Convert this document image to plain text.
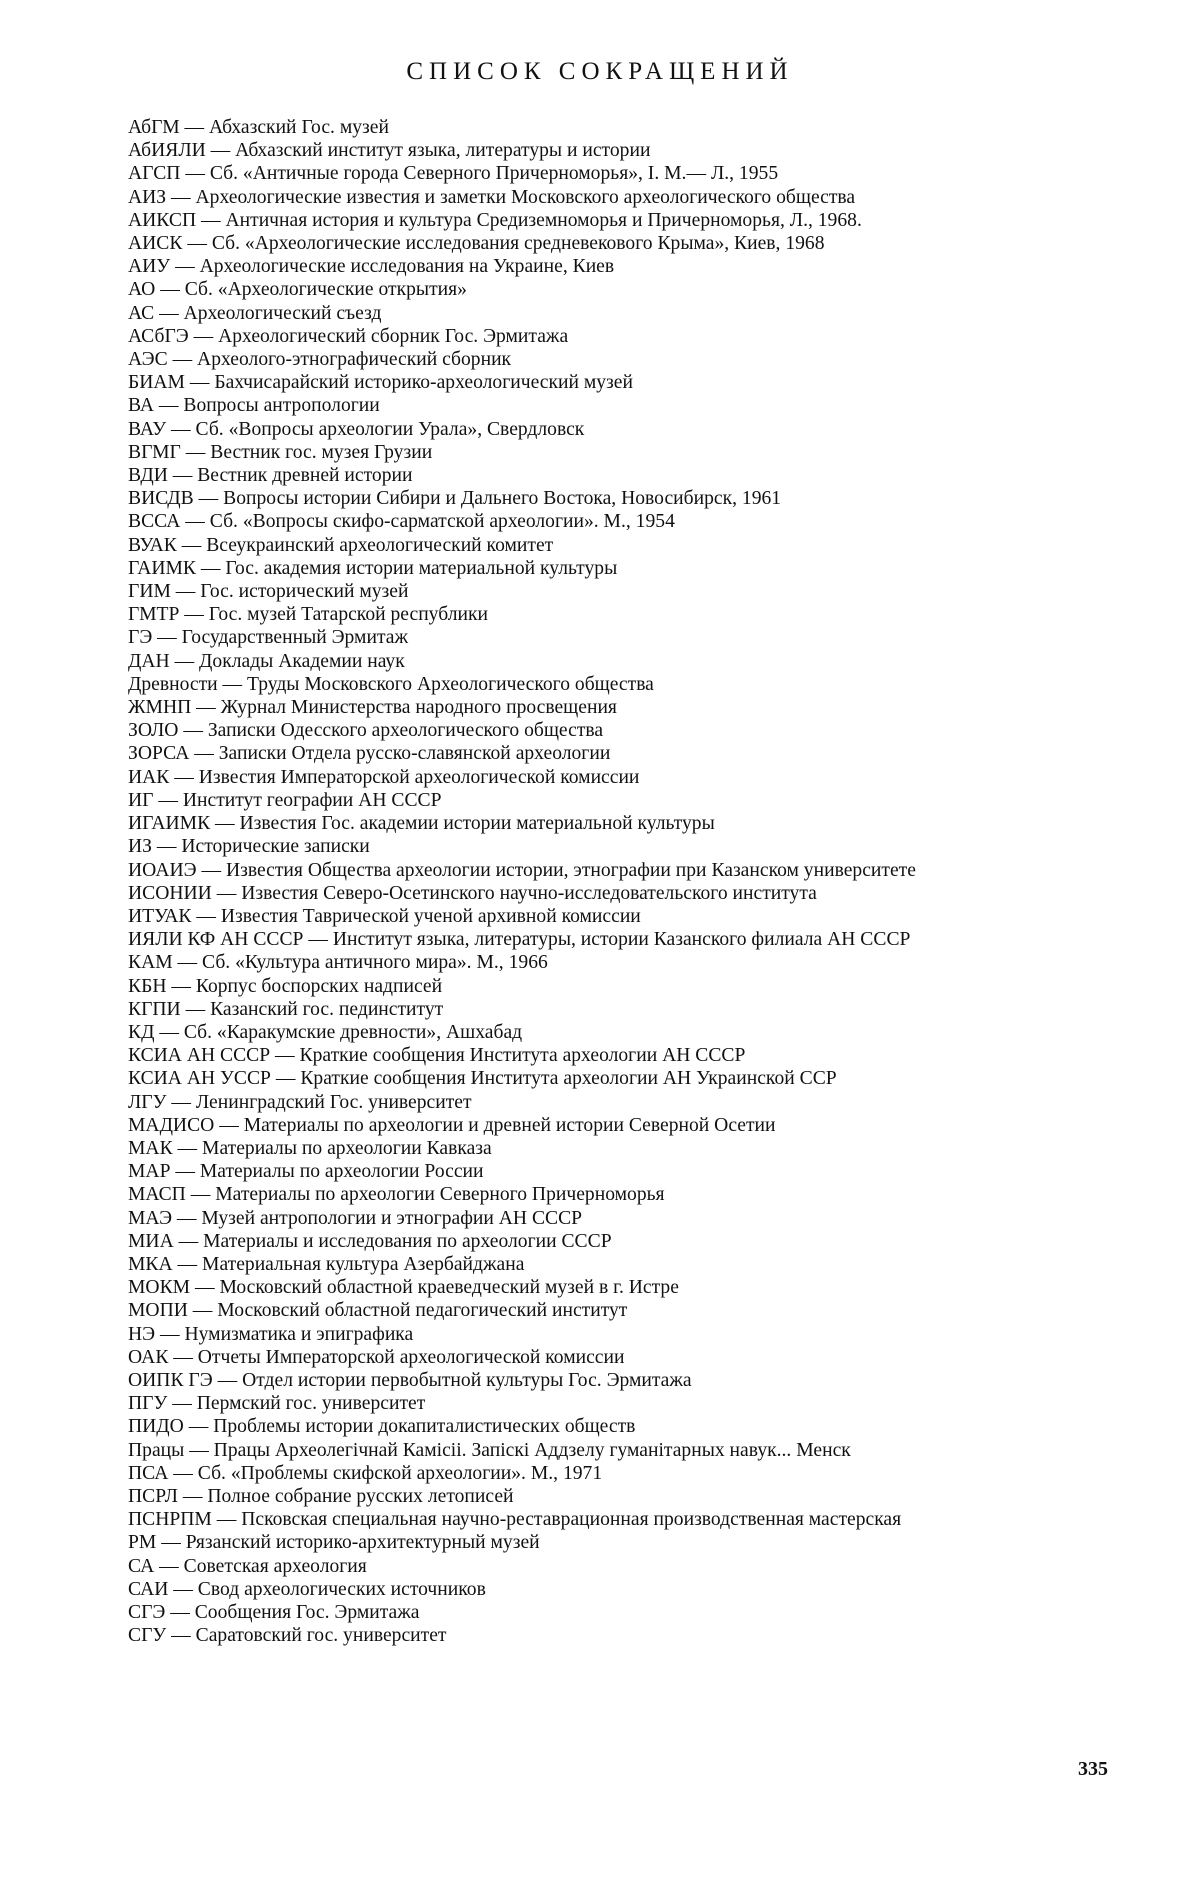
СПИСОК СОКРАЩЕНИЙ
АбГМ — Абхазский Гос. музей
АбИЯЛИ — Абхазский институт языка, литературы и истории
АГСП — Сб. «Античные города Северного Причерноморья», I. М.— Л., 1955
АИЗ — Археологические известия и заметки Московского археологического общества
АИКСП — Античная история и культура Средиземноморья и Причерноморья, Л., 1968.
АИСК — Сб. «Археологические исследования средневекового Крыма», Киев, 1968
АИУ — Археологические исследования на Украине, Киев
АО — Сб. «Археологические открытия»
АС — Археологический съезд
АСбГЭ — Археологический сборник Гос. Эрмитажа
АЭС — Археолого-этнографический сборник
БИАМ — Бахчисарайский историко-археологический музей
ВА — Вопросы антропологии
ВАУ — Сб. «Вопросы археологии Урала», Свердловск
ВГМГ — Вестник гос. музея Грузии
ВДИ — Вестник древней истории
ВИСДВ — Вопросы истории Сибири и Дальнего Востока, Новосибирск, 1961
ВССА — Сб. «Вопросы скифо-сарматской археологии». М., 1954
ВУАК — Всеукраинский археологический комитет
ГАИМК — Гос. академия истории материальной культуры
ГИМ — Гос. исторический музей
ГМТР — Гос. музей Татарской республики
ГЭ — Государственный Эрмитаж
ДАН — Доклады Академии наук
Древности — Труды Московского Археологического общества
ЖМНП — Журнал Министерства народного просвещения
ЗОЛО — Записки Одесского археологического общества
ЗОРСА — Записки Отдела русско-славянской археологии
ИАК — Известия Императорской археологической комиссии
ИГ — Институт географии АН СССР
ИГАИМК — Известия Гос. академии истории материальной культуры
ИЗ — Исторические записки
ИОАИЭ — Известия Общества археологии истории, этнографии при Казанском университете
ИСОНИИ — Известия Северо-Осетинского научно-исследовательского института
ИТУАК — Известия Таврической ученой архивной комиссии
ИЯЛИ КФ АН СССР — Институт языка, литературы, истории Казанского филиала АН СССР
КАМ — Сб. «Культура античного мира». М., 1966
КБН — Корпус боспорских надписей
КГПИ — Казанский гос. пединститут
КД — Сб. «Каракумские древности», Ашхабад
КСИА АН СССР — Краткие сообщения Института археологии АН СССР
КСИА АН УССР — Краткие сообщения Института археологии АН Украинской ССР
ЛГУ — Ленинградский Гос. университет
МАДИСО — Материалы по археологии и древней истории Северной Осетии
МАК — Материалы по археологии Кавказа
МАР — Материалы по археологии России
МАСП — Материалы по археологии Северного Причерноморья
МАЭ — Музей антропологии и этнографии АН СССР
МИА — Материалы и исследования по археологии СССР
МКА — Материальная культура Азербайджана
МОКМ — Московский областной краеведческий музей в г. Истре
МОПИ — Московский областной педагогический институт
НЭ — Нумизматика и эпиграфика
ОАК — Отчеты Императорской археологической комиссии
ОИПК ГЭ — Отдел истории первобытной культуры Гос. Эрмитажа
ПГУ — Пермский гос. университет
ПИДО — Проблемы истории докапиталистических обществ
Працы — Працы Археолегічнай Камісіі. Запіскі Аддзелу гуманітарных навук... Менск
ПСА — Сб. «Проблемы скифской археологии». М., 1971
ПСРЛ — Полное собрание русских летописей
ПСНРПМ — Псковская специальная научно-реставрационная производственная мастерская
РМ — Рязанский историко-архитектурный музей
СА — Советская археология
САИ — Свод археологических источников
СГЭ — Сообщения Гос. Эрмитажа
СГУ — Саратовский гос. университет
335
